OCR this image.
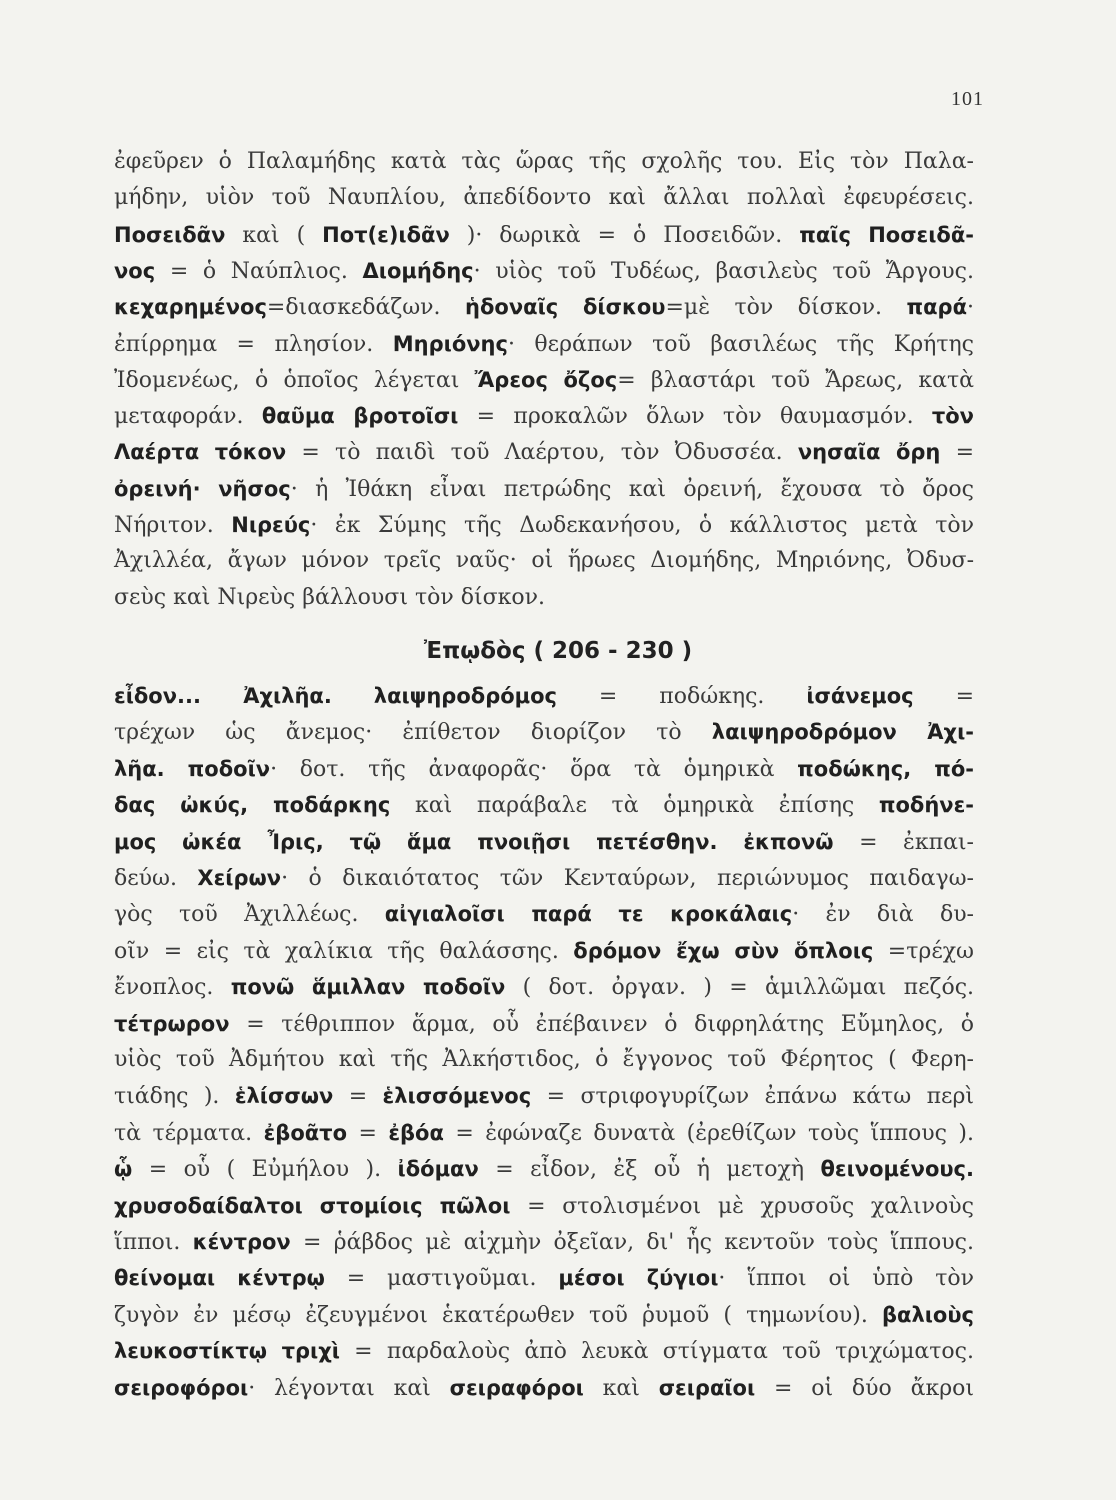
101
ἐφεῦρεν ὁ Παλαμήδης κατὰ τὰς ὥρας τῆς σχολῆς του. Εἰς τὸν Παλα-
μήδην, υἱὸν τοῦ Ναυπλίου, ἀπεδίδοντο καὶ ἄλλαι πολλαὶ ἐφευρέσεις.
Ποσειδᾶν καὶ ( Ποτ(ε)ιδᾶν )· δωρικὰ = ὁ Ποσειδῶν. παῖς Ποσειδᾶ-
νος = ὁ Ναύπλιος. Διομήδης· υἱὸς τοῦ Τυδέως, βασιλεὺς τοῦ Ἄργους.
κεχαρημένος=διασκεδάζων. ἡδοναῖς δίσκου=μὲ τὸν δίσκον. παρά·
ἐπίρρημα = πλησίον. Μηριόνης· θεράπων τοῦ βασιλέως τῆς Κρήτης
Ἰδομενέως, ὁ ὁποῖος λέγεται Ἄρεος ὄζος= βλαστάρι τοῦ Ἄρεως, κατὰ
μεταφοράν. θαῦμα βροτοῖσι = προκαλῶν ὅλων τὸν θαυμασμόν. τὸν
Λαέρτα τόκον = τὸ παιδὶ τοῦ Λαέρτου, τὸν Ὀδυσσέα. νησαῖα ὄρη =
ὀρεινή· νῆσος· ἡ Ἰθάκη εἶναι πετρώδης καὶ ὀρεινή, ἔχουσα τὸ ὄρος
Νήριτον. Νιρεύς· ἐκ Σύμης τῆς Δωδεκανήσου, ὁ κάλλιστος μετὰ τὸν
Ἀχιλλέα, ἄγων μόνον τρεῖς ναῦς· οἱ ἥρωες Διομήδης, Μηριόνης, Ὀδυσ-
σεὺς καὶ Νιρεὺς βάλλουσι τὸν δίσκον.
Ἐπῳδὸς ( 206 - 230 )
εἶδον... Ἀχιλῆα. λαιψηροδρόμος = ποδώκης. ἰσάνεμος =
τρέχων ὡς ἄνεμος· ἐπίθετον διορίζον τὸ λαιψηροδρόμον Ἀχι-
λῆα. ποδοῖν· δοτ. τῆς ἀναφορᾶς· ὅρα τὰ ὁμηρικὰ ποδώκης, πό-
δας ὠκύς, ποδάρκης καὶ παράβαλε τὰ ὁμηρικὰ ἐπίσης ποδήνε-
μος ὠκέα Ἶρις, τῷ ἅμα πνοιῇσι πετέσθην. ἐκπονῶ = ἐκπαι-
δεύω. Χείρων· ὁ δικαιότατος τῶν Κενταύρων, περιώνυμος παιδαγω-
γὸς τοῦ Ἀχιλλέως. αἰγιαλοῖσι παρά τε κροκάλαις· ἐν διὰ δυ-
οῖν = εἰς τὰ χαλίκια τῆς θαλάσσης. δρόμον ἔχω σὺν ὅπλοις =τρέχω
ἔνοπλος. πονῶ ἅμιλλαν ποδοῖν ( δοτ. ὀργαν. ) = ἁμιλλῶμαι πεζός.
τέτρωρον = τέθριππον ἅρμα, οὗ ἐπέβαινεν ὁ διφρηλάτης Εὔμηλος, ὁ
υἱὸς τοῦ Ἀδμήτου καὶ τῆς Ἀλκήστιδος, ὁ ἔγγονος τοῦ Φέρητος ( Φερη-
τιάδης ). ἑλίσσων = ἑλισσόμενος = στριφογυρίζων ἐπάνω κάτω περὶ
τὰ τέρματα. ἐβοᾶτο = ἐβόα = ἐφώναζε δυνατὰ (ἐρεθίζων τοὺς ἵππους ).
ᾧ = οὗ ( Εὐμήλου ). ἰδόμαν = εἶδον, ἐξ οὗ ἡ μετοχὴ θεινομένους.
χρυσοδαίδαλτοι στομίοις πῶλοι = στολισμένοι μὲ χρυσοῦς χαλινοὺς
ἵπποι. κέντρον = ῥάβδος μὲ αἰχμὴν ὀξεῖαν, δι' ἧς κεντοῦν τοὺς ἵππους.
θείνομαι κέντρῳ = μαστιγοῦμαι. μέσοι ζύγιοι· ἵπποι οἱ ὑπὸ τὸν
ζυγὸν ἐν μέσῳ ἐζευγμένοι ἑκατέρωθεν τοῦ ῥυμοῦ ( τημωνίου). βαλιοὺς
λευκοστίκτῳ τριχὶ = παρδαλοὺς ἀπὸ λευκὰ στίγματα τοῦ τριχώματος.
σειροφόροι· λέγονται καὶ σειραφόροι καὶ σειραῖοι = οἱ δύο ἄκροι
